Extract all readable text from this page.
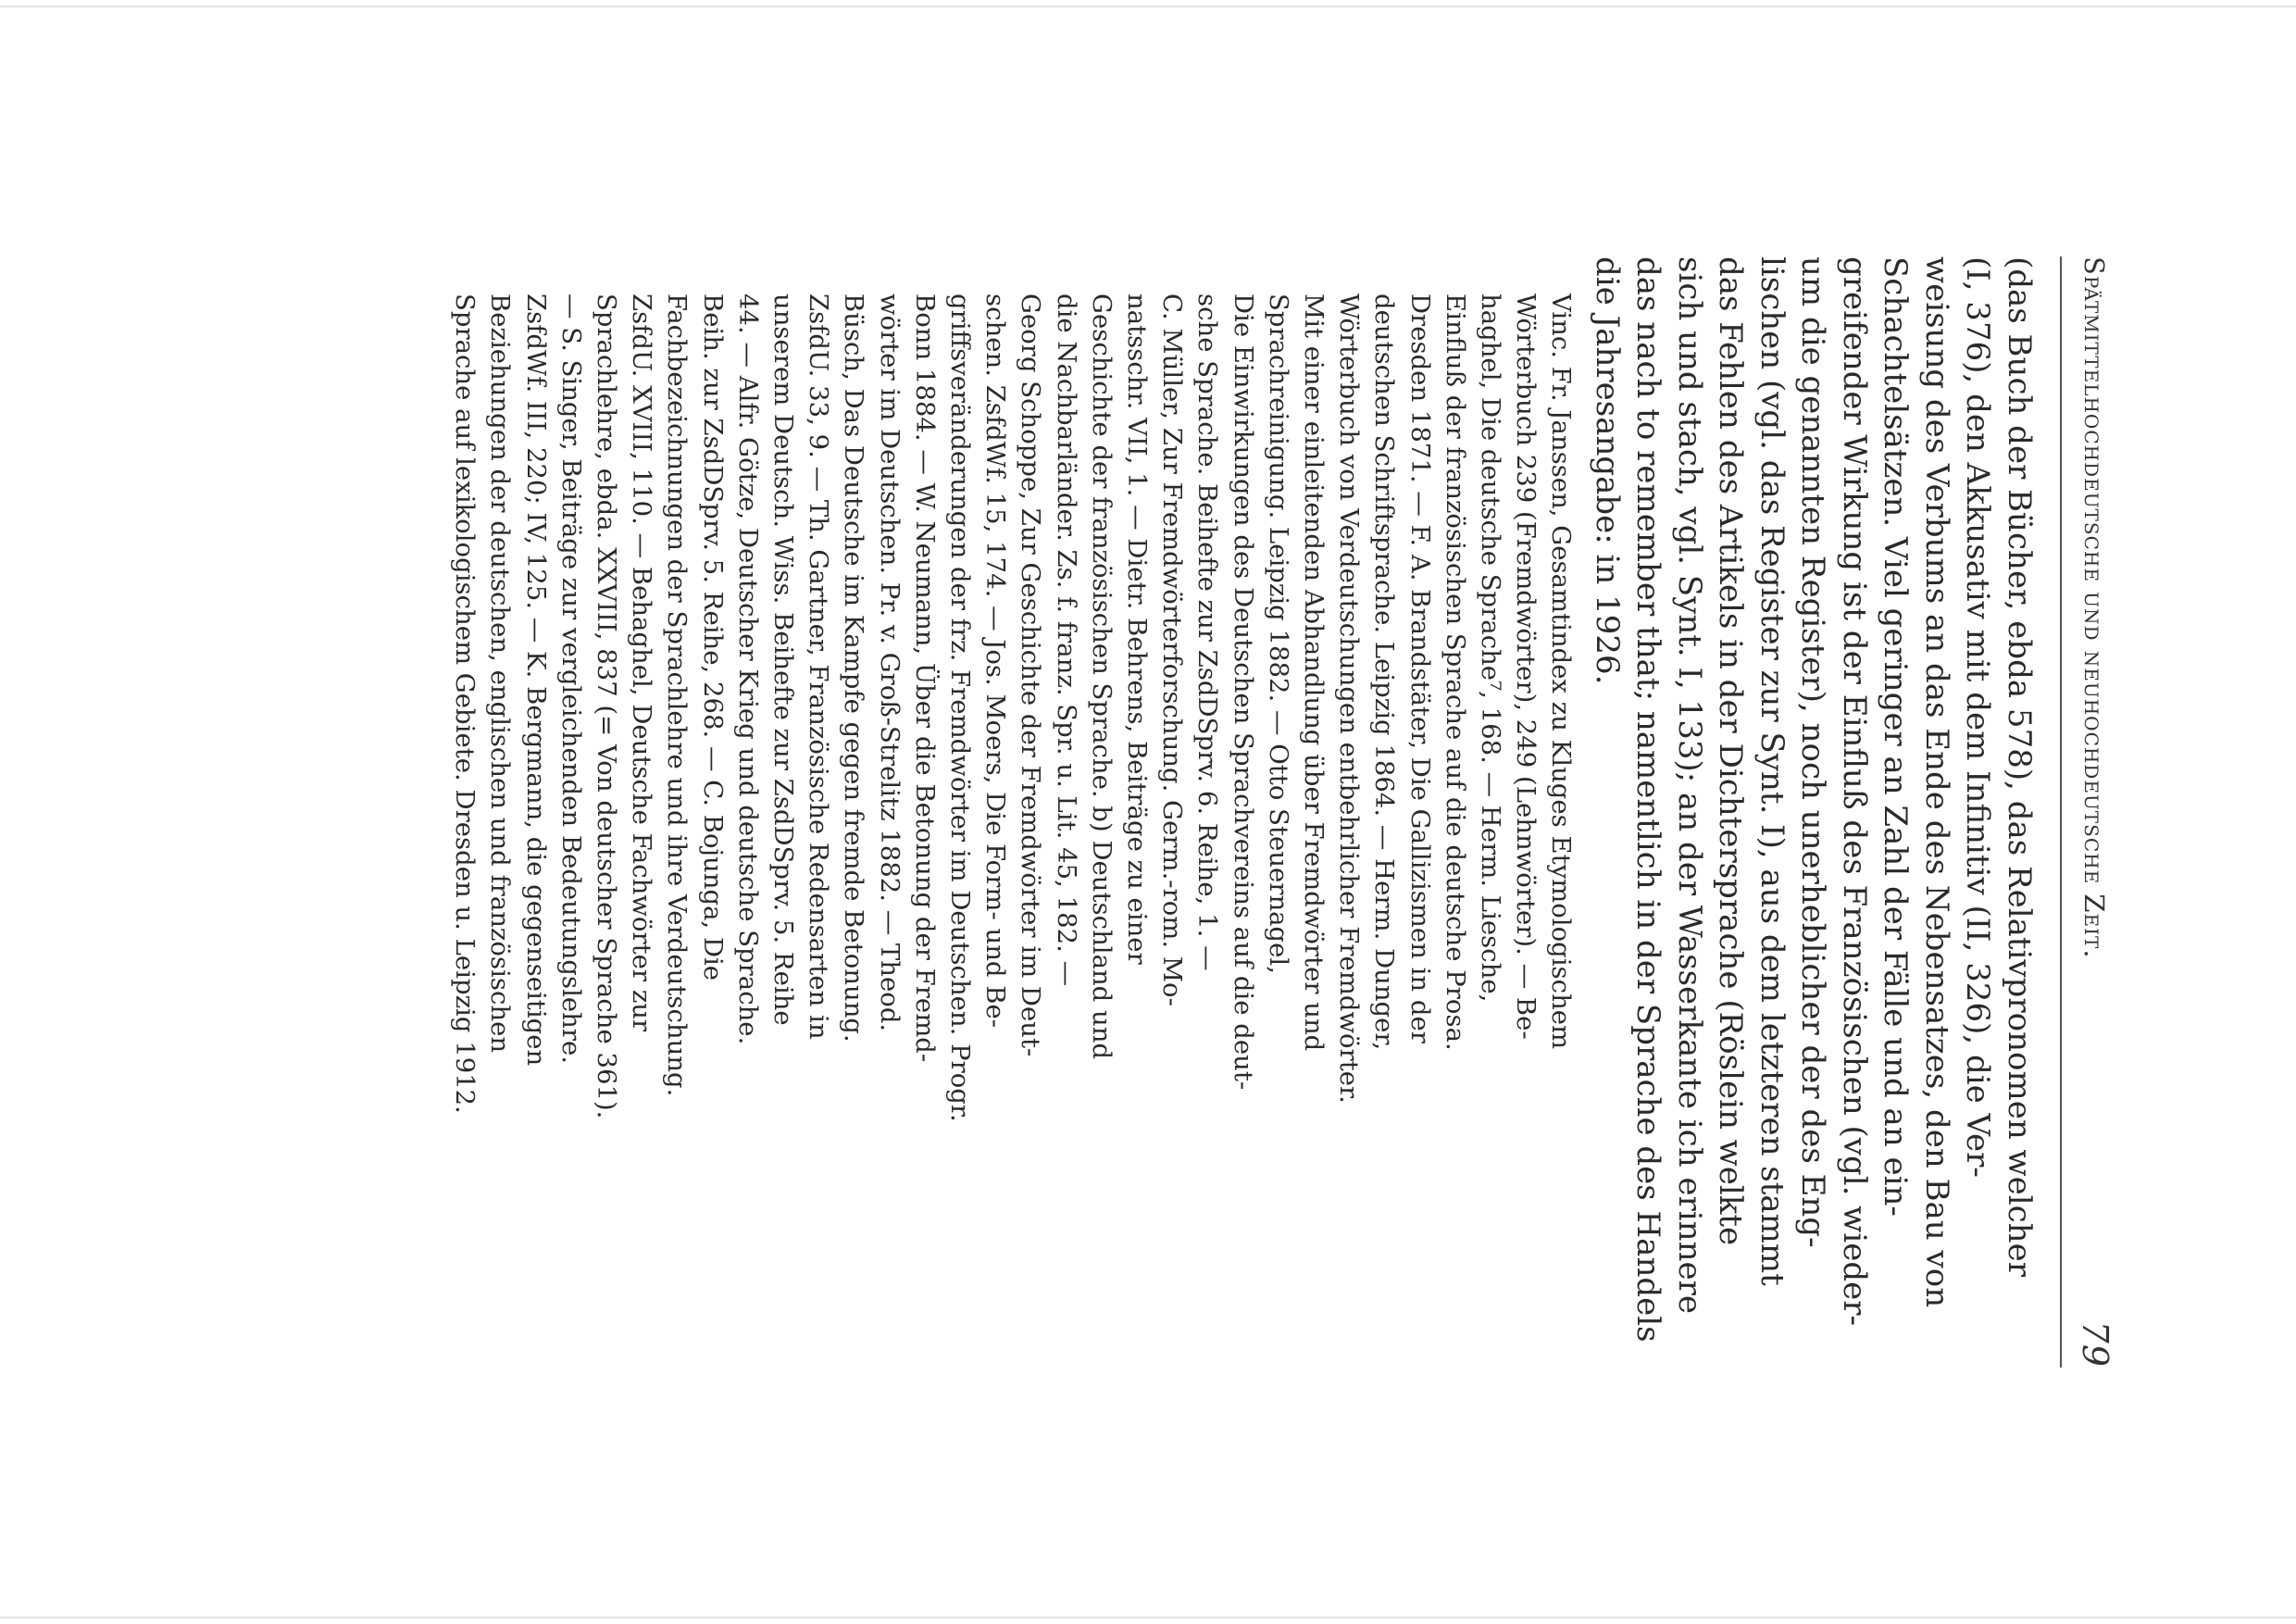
Spätmittelhochdeutsche und neuhochdeutsche Zeit.
79

(das Buch der Bücher, ebda 578), das Relativpronomen welcher
(I, 376), den Akkusativ mit dem Infinitiv (II, 326), die Ver-
weisung des Verbums an das Ende des Nebensatzes, den Bau von
Schachtelsätzen. Viel geringer an Zahl der Fälle und an ein-
greifender Wirkung ist der Einfluß des Französischen (vgl. wieder-
um die genannten Register), noch unerheblicher der des Eng-
lischen (vgl. das Register zur Synt. I), aus dem letzteren stammt
das Fehlen des Artikels in der Dichtersprache (Röslein welkte
sich und stach, vgl. Synt. I, 133); an der Wasserkante ich erinnere
das nach to remember that; namentlich in der Sprache des Handels
die Jahresangabe: in 1926.

Vinc. Fr. Janssen, Gesamtindex zu Kluges Etymologischem
Wörterbuch 239 (Fremdwörter), 249 (Lehnwörter). — Be-
haghel, Die deutsche Sprache⁷, 168. — Herm. Liesche,
Einfluß der französischen Sprache auf die deutsche Prosa.
Dresden 1871. — F. A. Brandstäter, Die Gallizismen in der
deutschen Schriftsprache. Leipzig 1864. — Herm. Dunger,
Wörterbuch von Verdeutschungen entbehrlicher Fremdwörter.
Mit einer einleitenden Abhandlung über Fremdwörter und
Sprachreinigung. Leipzig 1882. — Otto Steuernagel,
Die Einwirkungen des Deutschen Sprachvereins auf die deut-
sche Sprache. Beihefte zur ZsdDSprv. 6. Reihe, 1. —
C. Müller, Zur Fremdwörterforschung. Germ.-rom. Mo-
natsschr. VII, 1. — Dietr. Behrens, Beiträge zu einer
Geschichte der französischen Sprache. b) Deutschland und
die Nachbarländer. Zs. f. franz. Spr. u. Lit. 45, 182. —
Georg Schoppe, Zur Geschichte der Fremdwörter im Deut-
schen. ZsfdWf. 15, 174. — Jos. Moers, Die Form- und Be-
griffsveränderungen der frz. Fremdwörter im Deutschen. Progr.
Bonn 1884. — W. Neumann, Über die Betonung der Fremd-
wörter im Deutschen. Pr. v. Groß-Strelitz 1882. — Theod.
Büsch, Das Deutsche im Kampfe gegen fremde Betonung.
ZsfdU. 33, 9. — Th. Gartner, Französische Redensarten in
unserem Deutsch. Wiss. Beihefte zur ZsdDSprv. 5. Reihe
44. — Alfr. Götze, Deutscher Krieg und deutsche Sprache.
Beih. zur ZsdDSprv. 5. Reihe, 268. — C. Bojunga, Die
Fachbezeichnungen der Sprachlehre und ihre Verdeutschung.
ZsfdU. XVIII, 110. — Behaghel, Deutsche Fachwörter zur
Sprachlehre, ebda. XXVIII, 837 (= Von deutscher Sprache 361).
— S. Singer, Beiträge zur vergleichenden Bedeutungslehre.
ZsfdWf. III, 220; IV, 125. — K. Bergmann, die gegenseitigen
Beziehungen der deutschen, englischen und französischen
Sprache auf lexikologischem Gebiete. Dresden u. Leipzig 1912.
